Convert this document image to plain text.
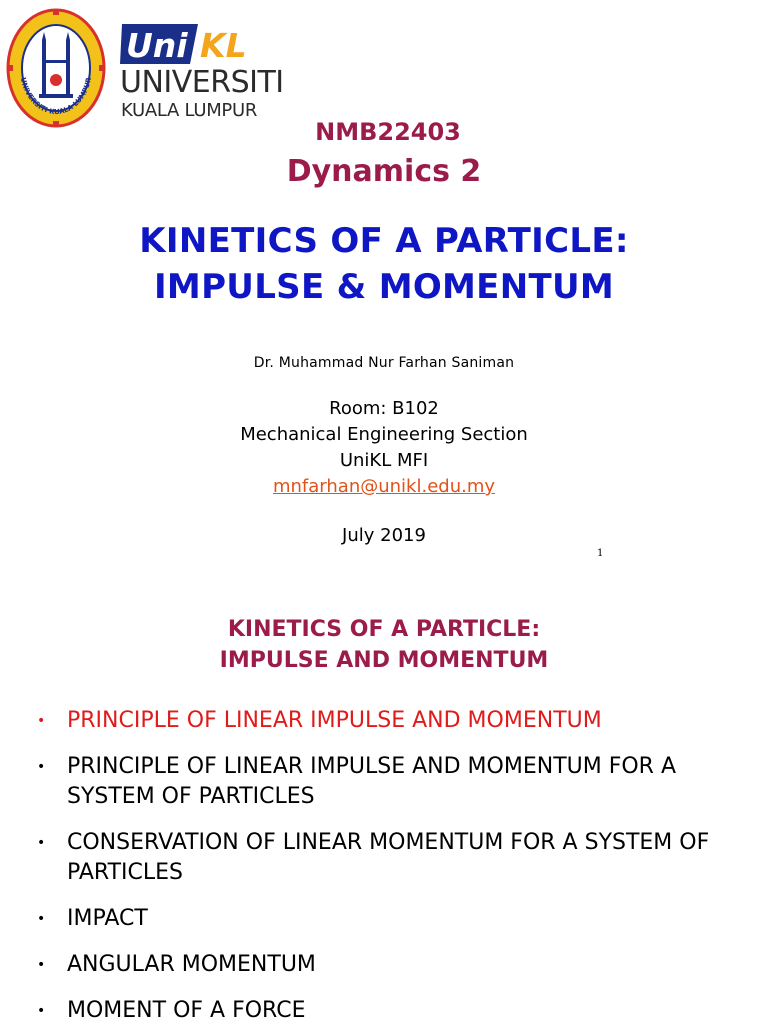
UNIVERSITI KUALA LUMPUR
Uni KL
UNIVERSITI
KUALA LUMPUR
NMB22403
Dynamics 2
KINETICS OF A PARTICLE:
IMPULSE & MOMENTUM
Dr. Muhammad Nur Farhan Saniman
Room: B102
Mechanical Engineering Section
UniKL MFI
mnfarhan@unikl.edu.my
July 2019
1
KINETICS OF A PARTICLE:
IMPULSE AND MOMENTUM
• PRINCIPLE OF LINEAR IMPULSE AND MOMENTUM
• PRINCIPLE OF LINEAR IMPULSE AND MOMENTUM FOR A SYSTEM OF PARTICLES
• CONSERVATION OF LINEAR MOMENTUM FOR A SYSTEM OF PARTICLES
• IMPACT
• ANGULAR MOMENTUM
• MOMENT OF A FORCE
